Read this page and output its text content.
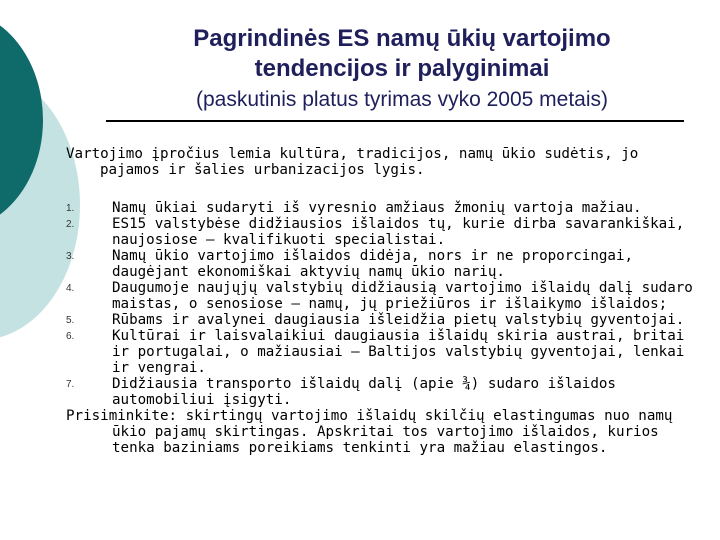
Pagrindinės ES namų ūkių vartojimo
tendencijos ir palyginimai
(paskutinis platus tyrimas vyko 2005 metais)

Vartojimo įpročius lemia kultūra, tradicijos, namų ūkio sudėtis, jo pajamos ir šalies urbanizacijos lygis.

1.	Namų ūkiai sudaryti iš vyresnio amžiaus žmonių vartoja mažiau.
2.	ES15 valstybėse didžiausios išlaidos tų, kurie dirba savarankiškai, naujosiose — kvalifikuoti specialistai.
3.	Namų ūkio vartojimo išlaidos didėja, nors ir ne proporcingai, daugėjant ekonomiškai aktyvių namų ūkio narių.
4.	Daugumoje naujųjų valstybių didžiausią vartojimo išlaidų dalį sudaro maistas, o senosiose — namų, jų priežiūros ir išlaikymo išlaidos;
5.	Rūbams ir avalynei daugiausia išleidžia pietų valstybių gyventojai.
6.	Kultūrai ir laisvalaikiui daugiausia išlaidų skiria austrai, britai ir portugalai, o mažiausiai — Baltijos valstybių gyventojai, lenkai ir vengrai.
7.	Didžiausia transporto išlaidų dalį (apie ¾) sudaro išlaidos automobiliui įsigyti.

Prisiminkite: skirtingų vartojimo išlaidų skilčių elastingumas nuo namų ūkio pajamų skirtingas. Apskritai tos vartojimo išlaidos, kurios tenka baziniams poreikiams tenkinti yra mažiau elastingos.
